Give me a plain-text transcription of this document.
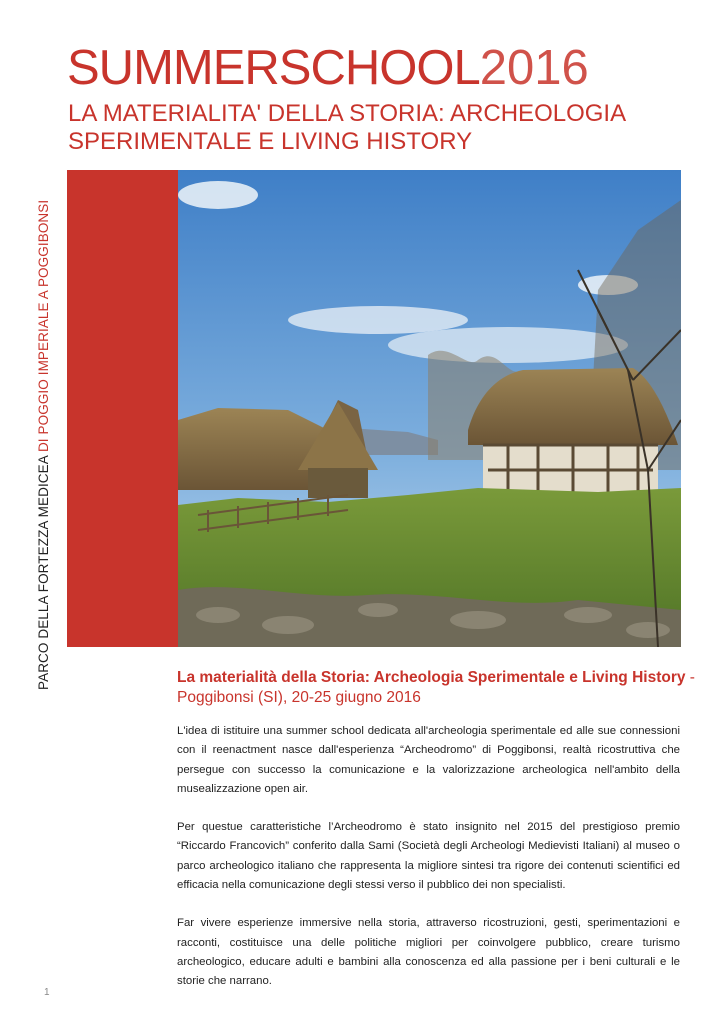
SUMMERSCHOOL2016
LA MATERIALITA' DELLA STORIA: ARCHEOLOGIA SPERIMENTALE E LIVING HISTORY
PARCO DELLA FORTEZZA MEDICEA DI POGGIO IMPERIALE A POGGIBONSI
La materialità della Storia: Archeologia Sperimentale e Living History - Poggibonsi (SI), 20-25 giugno 2016

L'idea di istituire una summer school dedicata all'archeologia sperimentale ed alle sue connessioni con il reenactment nasce dall'esperienza “Archeodromo” di Poggibonsi, realtà ricostruttiva che persegue con successo la comunicazione e la valorizzazione archeologica nell'ambito della musealizzazione open air.

Per questue caratteristiche l’Archeodromo è stato insignito nel 2015 del prestigioso premio “Riccardo Francovich” conferito dalla Sami (Società degli Archeologi Medievisti Italiani) al museo o parco archeologico italiano che rappresenta la migliore sintesi tra rigore dei contenuti scientifici ed efficacia nella comunicazione degli stessi verso il pubblico dei non specialisti.

Far vivere esperienze immersive nella storia, attraverso ricostruzioni, gesti, sperimentazioni e racconti, costituisce una delle politiche migliori per coinvolgere pubblico, creare turismo archeologico, educare adulti e bambini alla conoscenza ed alla passione per i beni culturali e le storie che narrano.

1
